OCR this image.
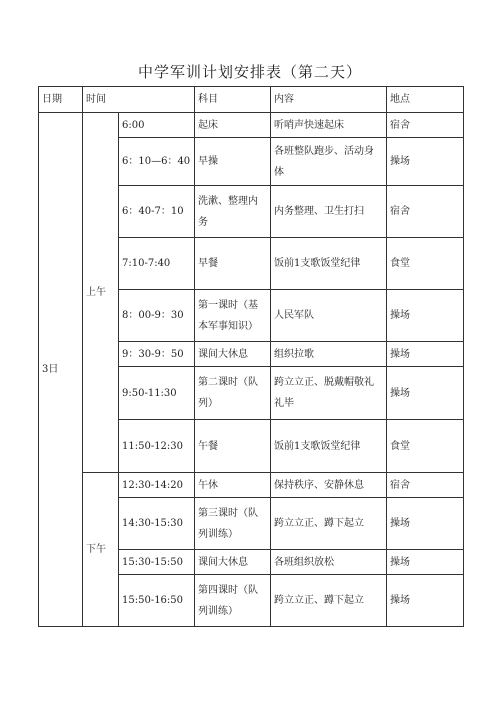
中学军训计划安排表（第二天）
日期	时间		科目	内容	地点
3日	上午	6:00	起床	听哨声快速起床	宿舍
		6：10—6：40	早操	各班整队跑步、活动身体	操场
		6：40-7：10	洗漱、整理内务	内务整理、卫生打扫	宿舍
		7:10-7:40	早餐	饭前1支歌饭堂纪律	食堂
		8：00-9：30	第一课时（基本军事知识）	人民军队	操场
		9：30-9：50	课间大休息	组织拉歌	操场
		9:50-11:30	第二课时（队列）	跨立立正、脱戴帽敬礼礼毕	操场
		11:50-12:30	午餐	饭前1支歌饭堂纪律	食堂
	下午	12:30-14:20	午休	保持秩序、安静休息	宿舍
		14:30-15:30	第三课时（队列训练）	跨立立正、蹲下起立	操场
		15:30-15:50	课间大休息	各班组织放松	操场
		15:50-16:50	第四课时（队列训练）	跨立立正、蹲下起立	操场
